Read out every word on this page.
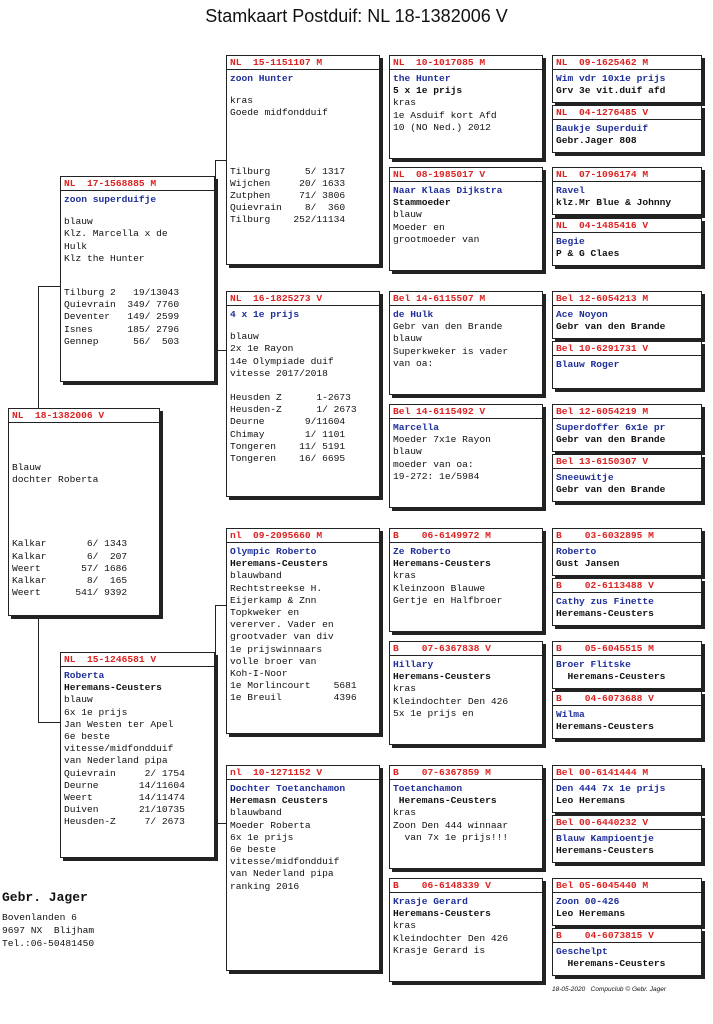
Stamkaart Postduif: NL 18-1382006 V
NL  18-1382006 V
Blauw
dochter Roberta
Kalkar       6/ 1343
Kalkar       6/  207
Weert       57/ 1686
Kalkar       8/  165
Weert      541/ 9392
NL  17-1568885 M
zoon superduifje
blauw
Klz. Marcella x de
Hulk
Klz the Hunter
Tilburg 2   19/13043
Quievrain  349/ 7760
Deventer   149/ 2599
Isnes      185/ 2796
Gennep      56/  503
NL  15-1246581 V
Roberta
Heremans-Ceusters
blauw
6x 1e prijs
Jan Westen ter Apel
6e beste
vitesse/midfondduif
van Nederland pipa
Quievrain     2/ 1754
Deurne       14/11604
Weert        14/11474
Duiven       21/10735
Heusden-Z     7/ 2673
NL  15-1151107 M
zoon Hunter
kras
Goede midfondduif
Tilburg      5/ 1317
Wijchen     20/ 1633
Zutphen     71/ 3806
Quievrain    8/  360
Tilburg    252/11134
NL  16-1825273 V
4 x 1e prijs
blauw
2x 1e Rayon
14e Olympiade duif
vitesse 2017/2018
Heusden Z      1-2673
Heusden-Z      1/ 2673
Deurne       9/11604
Chimay       1/ 1101
Tongeren    11/ 5191
Tongeren    16/ 6695
nl  09-2095660 M
Olympic Roberto
Heremans-Ceusters
blauwband
Rechtstreekse H.
Eijerkamp & Znn
Topkweker en
vererver. Vader en
grootvader van div
1e prijswinnaars
volle broer van
Koh-I-Noor
1e Morlincourt    5681
1e Breuil         4396
nl  10-1271152 V
Dochter Toetanchamon
Heremasn Ceusters
blauwband
Moeder Roberta
6x 1e prijs
6e beste
vitesse/midfondduif
van Nederland pipa
ranking 2016
NL  10-1017085 M
the Hunter
5 x 1e prijs
kras
1e Asduif kort Afd
10 (NO Ned.) 2012
NL  08-1985017 V
Naar Klaas Dijkstra
Stammoeder
blauw
Moeder en
grootmoeder van
Bel 14-6115507 M
de Hulk
Gebr van den Brande
blauw
Superkweker is vader
van oa:
Bel 14-6115492 V
Marcella
Moeder 7x1e Rayon
blauw
moeder van oa:
19-272: 1e/5984
B    06-6149972 M
Ze Roberto
Heremans-Ceusters
kras
Kleinzoon Blauwe
Gertje en Halfbroer
B    07-6367838 V
Hillary
Heremans-Ceusters
kras
Kleindochter Den 426
5x 1e prijs en
B    07-6367859 M
Toetanchamon
Heremans-Ceusters
kras
Zoon Den 444 winnaar
van 7x 1e prijs!!!
B    06-6148339 V
Krasje Gerard
Heremans-Ceusters
kras
Kleindochter Den 426
Krasje Gerard is
NL  09-1625462 M
Wim vdr 10x1e prijs
Grv 3e vit.duif afd
NL  04-1276485 V
Baukje Superduif
Gebr.Jager 808
NL  07-1096174 M
Ravel
klz.Mr Blue & Johnny
NL  04-1485416 V
Begie
P & G Claes
Bel 12-6054213 M
Ace Noyon
Gebr van den Brande
Bel 10-6291731 V
Blauw Roger
Bel 12-6054219 M
Superdoffer 6x1e pr
Gebr van den Brande
Bel 13-6150307 V
Sneeuwitje
Gebr van den Brande
B    03-6032895 M
Roberto
Gust Jansen
B    02-6113488 V
Cathy zus Finette
Heremans-Ceusters
B    05-6045515 M
Broer Flitske
Heremans-Ceusters
B    04-6073688 V
Wilma
Heremans-Ceusters
Bel 00-6141444 M
Den 444 7x 1e prijs
Leo Heremans
Bel 00-6440232 V
Blauw Kampioentje
Heremans-Ceusters
Bel 05-6045440 M
Zoon 00-426
Leo Heremans
B    04-6073815 V
Geschelpt
Heremans-Ceusters
Gebr. Jager
Bovenlanden 6
9697 NX  Blijham
Tel.:06-50481450
18-05-2020   Compuclub © Gebr. Jager
